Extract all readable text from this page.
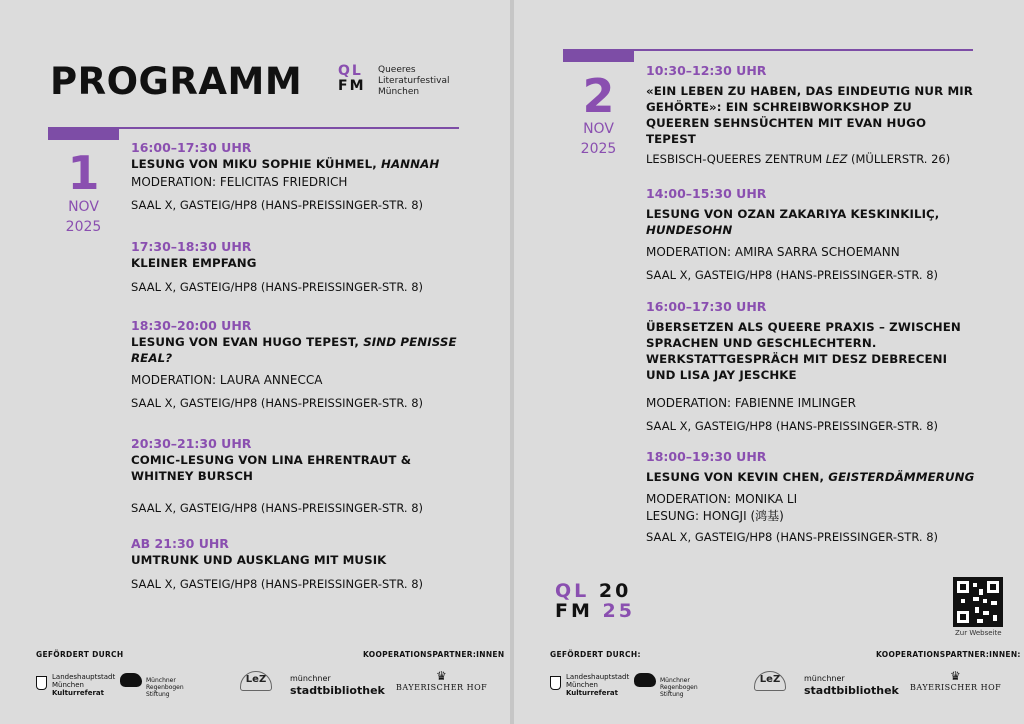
PROGRAMM	QL
FM
Queeres
Literaturfestival
München
1
NOV
2025
16:00–17:30 UHR
LESUNG VON MIKU SOPHIE KÜHMEL, HANNAH
MODERATION: FELICITAS FRIEDRICH
SAAL X, GASTEIG/HP8 (HANS-PREISSINGER-STR. 8)
17:30–18:30 UHR
KLEINER EMPFANG
SAAL X, GASTEIG/HP8 (HANS-PREISSINGER-STR. 8)
18:30–20:00 UHR
LESUNG VON EVAN HUGO TEPEST, SIND PENISSE REAL?
MODERATION: LAURA ANNECCA
SAAL X, GASTEIG/HP8 (HANS-PREISSINGER-STR. 8)
20:30–21:30 UHR
COMIC-LESUNG VON LINA EHRENTRAUT & WHITNEY BURSCH
SAAL X, GASTEIG/HP8 (HANS-PREISSINGER-STR. 8)
AB 21:30 UHR
UMTRUNK UND AUSKLANG MIT MUSIK
SAAL X, GASTEIG/HP8 (HANS-PREISSINGER-STR. 8)
GEFÖRDERT DURCH	KOOPERATIONSPARTNER:INNEN
Landeshauptstadt
München
Kulturreferat
Münchner
Regenbogen
Stiftung
LeZ	münchner
stadtbibliothek
♛
BAYERISCHER HOF
2
NOV
2025
10:30–12:30 UHR
«EIN LEBEN ZU HABEN, DAS EINDEUTIG NUR MIR GEHÖRTE»: EIN SCHREIBWORKSHOP ZU QUEEREN SEHNSÜCHTEN MIT EVAN HUGO TEPEST
LESBISCH-QUEERES ZENTRUM LEZ (MÜLLERSTR. 26)
14:00–15:30 UHR
LESUNG VON OZAN ZAKARIYA KESKINKILIÇ, HUNDESOHN
MODERATION: AMIRA SARRA SCHOEMANN
SAAL X, GASTEIG/HP8 (HANS-PREISSINGER-STR. 8)
16:00–17:30 UHR
ÜBERSETZEN ALS QUEERE PRAXIS – ZWISCHEN SPRACHEN UND GESCHLECHTERN. WERKSTATTGESPRÄCH MIT DESZ DEBRECENI UND LISA JAY JESCHKE
MODERATION: FABIENNE IMLINGER
SAAL X, GASTEIG/HP8 (HANS-PREISSINGER-STR. 8)
18:00–19:30 UHR
LESUNG VON KEVIN CHEN, GEISTERDÄMMERUNG
MODERATION: MONIKA LI
LESUNG: HONGJI (鸿基)
SAAL X, GASTEIG/HP8 (HANS-PREISSINGER-STR. 8)
GEFÖRDERT DURCH:	KOOPERATIONSPARTNER:INNEN:
Landeshauptstadt
München
Kulturreferat
Münchner
Regenbogen
Stiftung
LeZ	münchner
stadtbibliothek
♛
BAYERISCHER HOF
QL 20
FM 25
Zur Webseite
